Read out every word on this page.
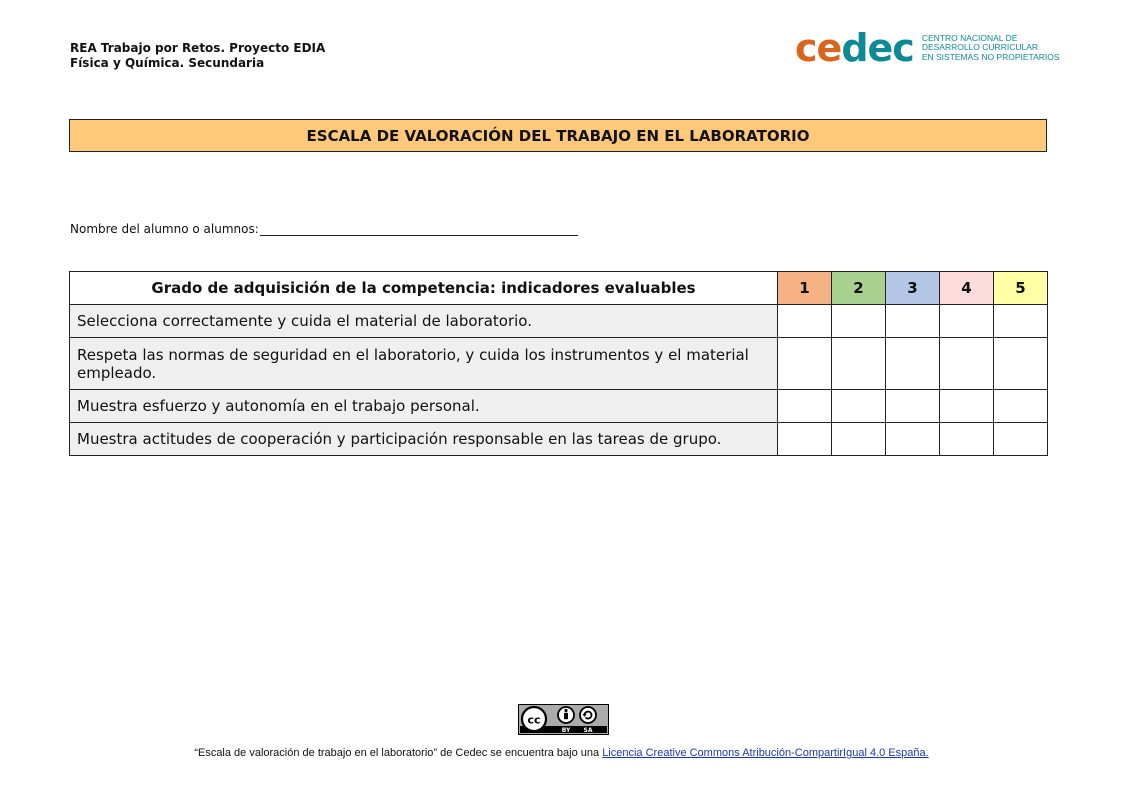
REA Trabajo por Retos. Proyecto EDIA
Física y Química. Secundaria	cedec CENTRO NACIONAL DE
DESARROLLO CURRICULAR
EN SISTEMAS NO PROPIETARIOS
ESCALA DE VALORACIÓN DEL TRABAJO EN EL LABORATORIO
Nombre del alumno o alumnos:
Grado de adquisición de la competencia: indicadores evaluables	1	2	3	4	5
Selecciona correctamente y cuida el material de laboratorio.					
Respeta las normas de seguridad en el laboratorio, y cuida los instrumentos y el material empleado.					
Muestra esfuerzo y autonomía en el trabajo personal.					
Muestra actitudes de cooperación y participación responsable en las tareas de grupo.					
cc
BY SA
“Escala de valoración de trabajo en el laboratorio” de Cedec se encuentra bajo una Licencia Creative Commons Atribución-CompartirIgual 4.0 España.
